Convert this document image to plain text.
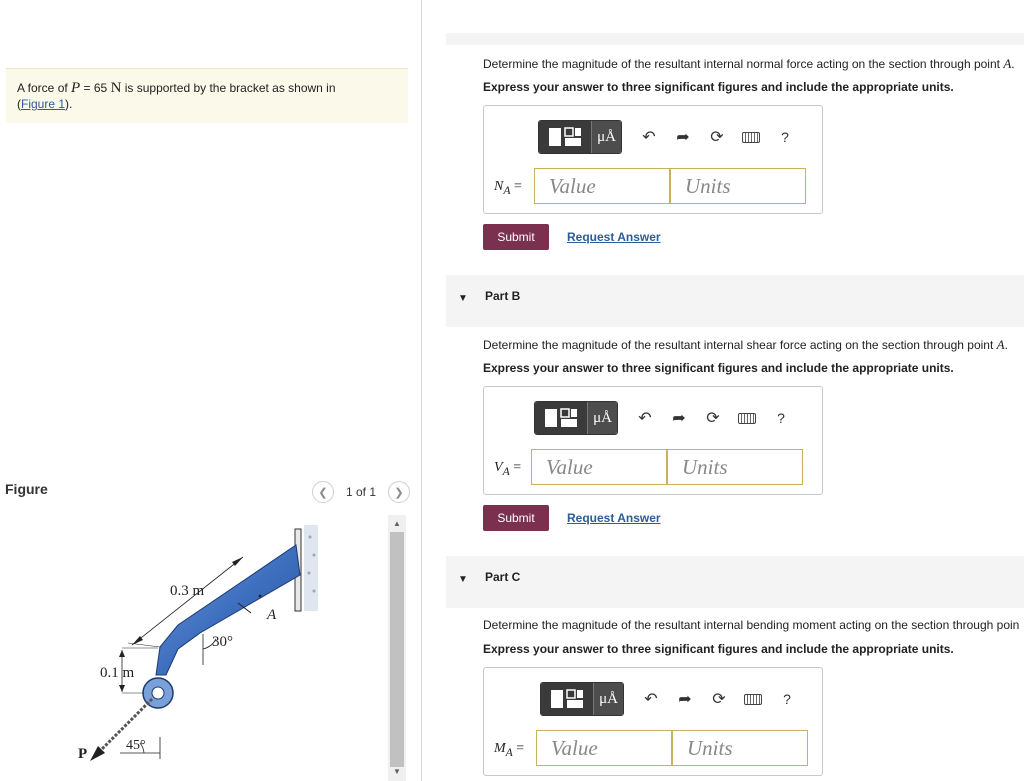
A force of P = 65 N is supported by the bracket as shown in
(Figure 1).
Figure	❮	1 of 1	❯
A
0.3 m
30°
0.1 m
45°
P
▲
▼
Determine the magnitude of the resultant internal normal force acting on the section through point A.
Express your answer to three significant figures and include the appropriate units.
μÅ	↶	➦	⟳	?
$N_A$ =
Value
Units
Submit	Request Answer
▼ Part B
Determine the magnitude of the resultant internal shear force acting on the section through point A.
Express your answer to three significant figures and include the appropriate units.
μÅ	↶	➦	⟳	?
$V_A$ =
Value
Units
Submit	Request Answer
▼ Part C
Determine the magnitude of the resultant internal bending moment acting on the section through poin
Express your answer to three significant figures and include the appropriate units.
μÅ	↶	➦	⟳	?
$M_A$ =
Value
Units
